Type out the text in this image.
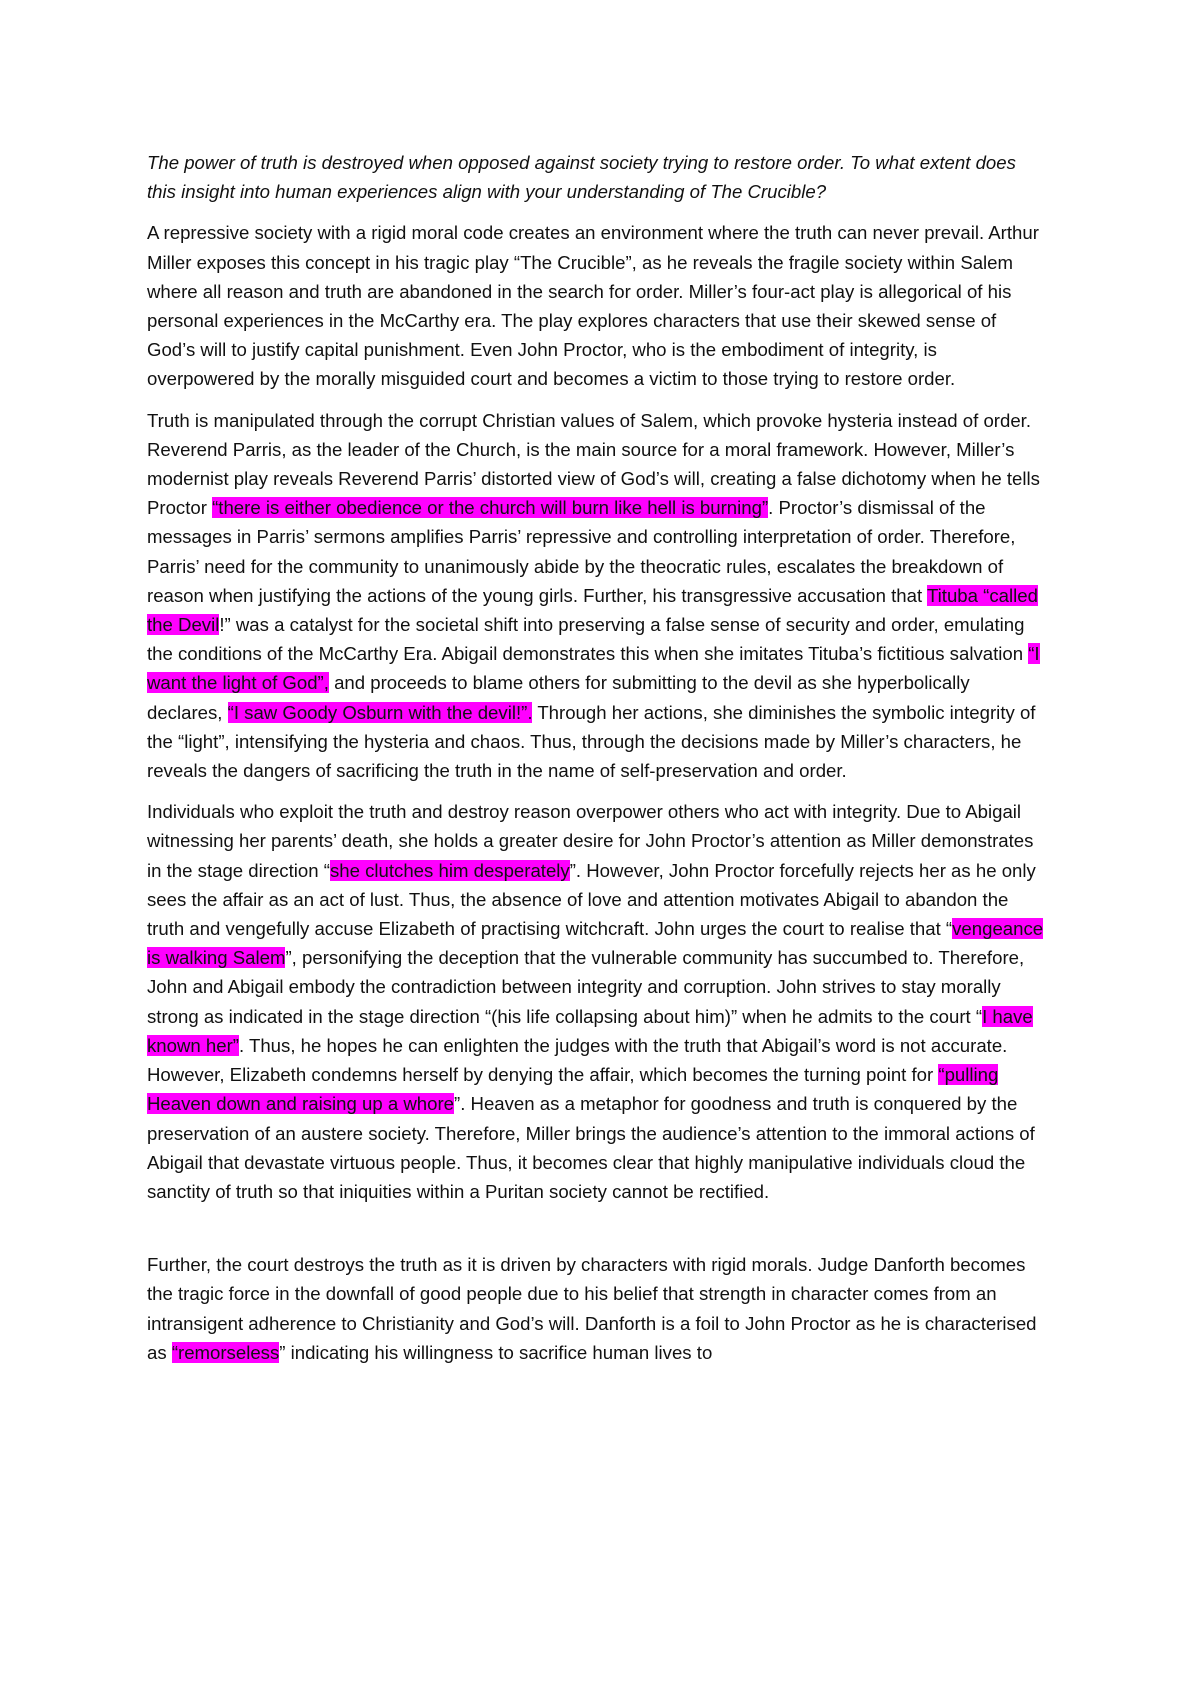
The power of truth is destroyed when opposed against society trying to restore order. To what extent does this insight into human experiences align with your understanding of The Crucible?

A repressive society with a rigid moral code creates an environment where the truth can never prevail. Arthur Miller exposes this concept in his tragic play “The Crucible”, as he reveals the fragile society within Salem where all reason and truth are abandoned in the search for order. Miller’s four-act play is allegorical of his personal experiences in the McCarthy era. The play explores characters that use their skewed sense of God’s will to justify capital punishment. Even John Proctor, who is the embodiment of integrity, is overpowered by the morally misguided court and becomes a victim to those trying to restore order.

Truth is manipulated through the corrupt Christian values of Salem, which provoke hysteria instead of order. Reverend Parris, as the leader of the Church, is the main source for a moral framework. However, Miller’s modernist play reveals Reverend Parris’ distorted view of God’s will, creating a false dichotomy when he tells Proctor “there is either obedience or the church will burn like hell is burning”. Proctor’s dismissal of the messages in Parris’ sermons amplifies Parris’ repressive and controlling interpretation of order. Therefore, Parris’ need for the community to unanimously abide by the theocratic rules, escalates the breakdown of reason when justifying the actions of the young girls. Further, his transgressive accusation that Tituba “called the Devil!” was a catalyst for the societal shift into preserving a false sense of security and order, emulating the conditions of the McCarthy Era. Abigail demonstrates this when she imitates Tituba’s fictitious salvation “I want the light of God”, and proceeds to blame others for submitting to the devil as she hyperbolically declares, “I saw Goody Osburn with the devil!”. Through her actions, she diminishes the symbolic integrity of the “light”, intensifying the hysteria and chaos. Thus, through the decisions made by Miller’s characters, he reveals the dangers of sacrificing the truth in the name of self-preservation and order.

Individuals who exploit the truth and destroy reason overpower others who act with integrity. Due to Abigail witnessing her parents’ death, she holds a greater desire for John Proctor’s attention as Miller demonstrates in the stage direction “she clutches him desperately”. However, John Proctor forcefully rejects her as he only sees the affair as an act of lust. Thus, the absence of love and attention motivates Abigail to abandon the truth and vengefully accuse Elizabeth of practising witchcraft. John urges the court to realise that “vengeance is walking Salem”, personifying the deception that the vulnerable community has succumbed to. Therefore, John and Abigail embody the contradiction between integrity and corruption. John strives to stay morally strong as indicated in the stage direction “(his life collapsing about him)” when he admits to the court “I have known her”. Thus, he hopes he can enlighten the judges with the truth that Abigail’s word is not accurate. However, Elizabeth condemns herself by denying the affair, which becomes the turning point for “pulling Heaven down and raising up a whore”. Heaven as a metaphor for goodness and truth is conquered by the preservation of an austere society. Therefore, Miller brings the audience’s attention to the immoral actions of Abigail that devastate virtuous people. Thus, it becomes clear that highly manipulative individuals cloud the sanctity of truth so that iniquities within a Puritan society cannot be rectified.

Further, the court destroys the truth as it is driven by characters with rigid morals. Judge Danforth becomes the tragic force in the downfall of good people due to his belief that strength in character comes from an intransigent adherence to Christianity and God’s will. Danforth is a foil to John Proctor as he is characterised as “remorseless” indicating his willingness to sacrifice human lives to
